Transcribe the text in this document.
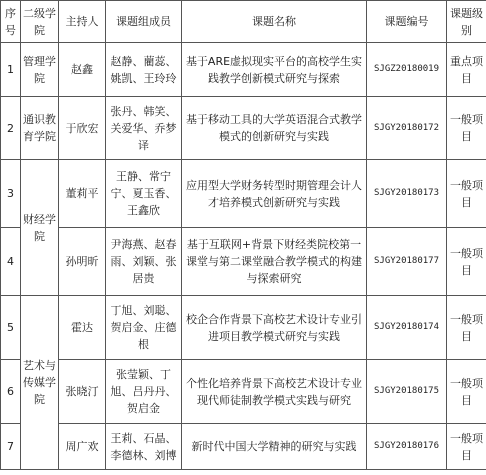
序号	二级学院	主持人	课题组成员	课题名称	课题编号	课题级别
1	管理学院	赵鑫	赵静、藺蕊、姚凯、王玲玲	基于ARE虚拟现实平台的高校学生实践教学创新模式研究与探索	SJGZ20180019	重点项目
2	通识教育学院	于欣宏	张丹、韩笑、关爱华、乔梦译	基于移动工具的大学英语混合式教学模式的创新研究与实践	SJGY20180172	一般项目
3	财经学院	董莉平	王静、常宁宁、夏玉香、王鑫欣	应用型大学财务转型时期管理会计人才培养模式创新研究与实践	SJGY20180173	一般项目
4		孙明昕	尹海燕、赵春雨、刘颖、张居贵	基于互联网+背景下财经类院校第一课堂与第二课堂融合教学模式的构建与探索研究	SJGY20180177	一般项目
5	艺术与传媒学院	霍达	丁旭、刘聪、贺启金、庄德根	校企合作背景下高校艺术设计专业引进项目教学模式研究与实践	SJGY20180174	一般项目
6		张晓汀	张莹颖、丁旭、吕丹丹、贺启金	个性化培养背景下高校艺术设计专业现代师徒制教学模式实践与研究	SJGY20180175	一般项目
7		周广欢	王莉、石晶、李德林、刘博	新时代中国大学精神的研究与实践	SJGY20180176	一般项目
